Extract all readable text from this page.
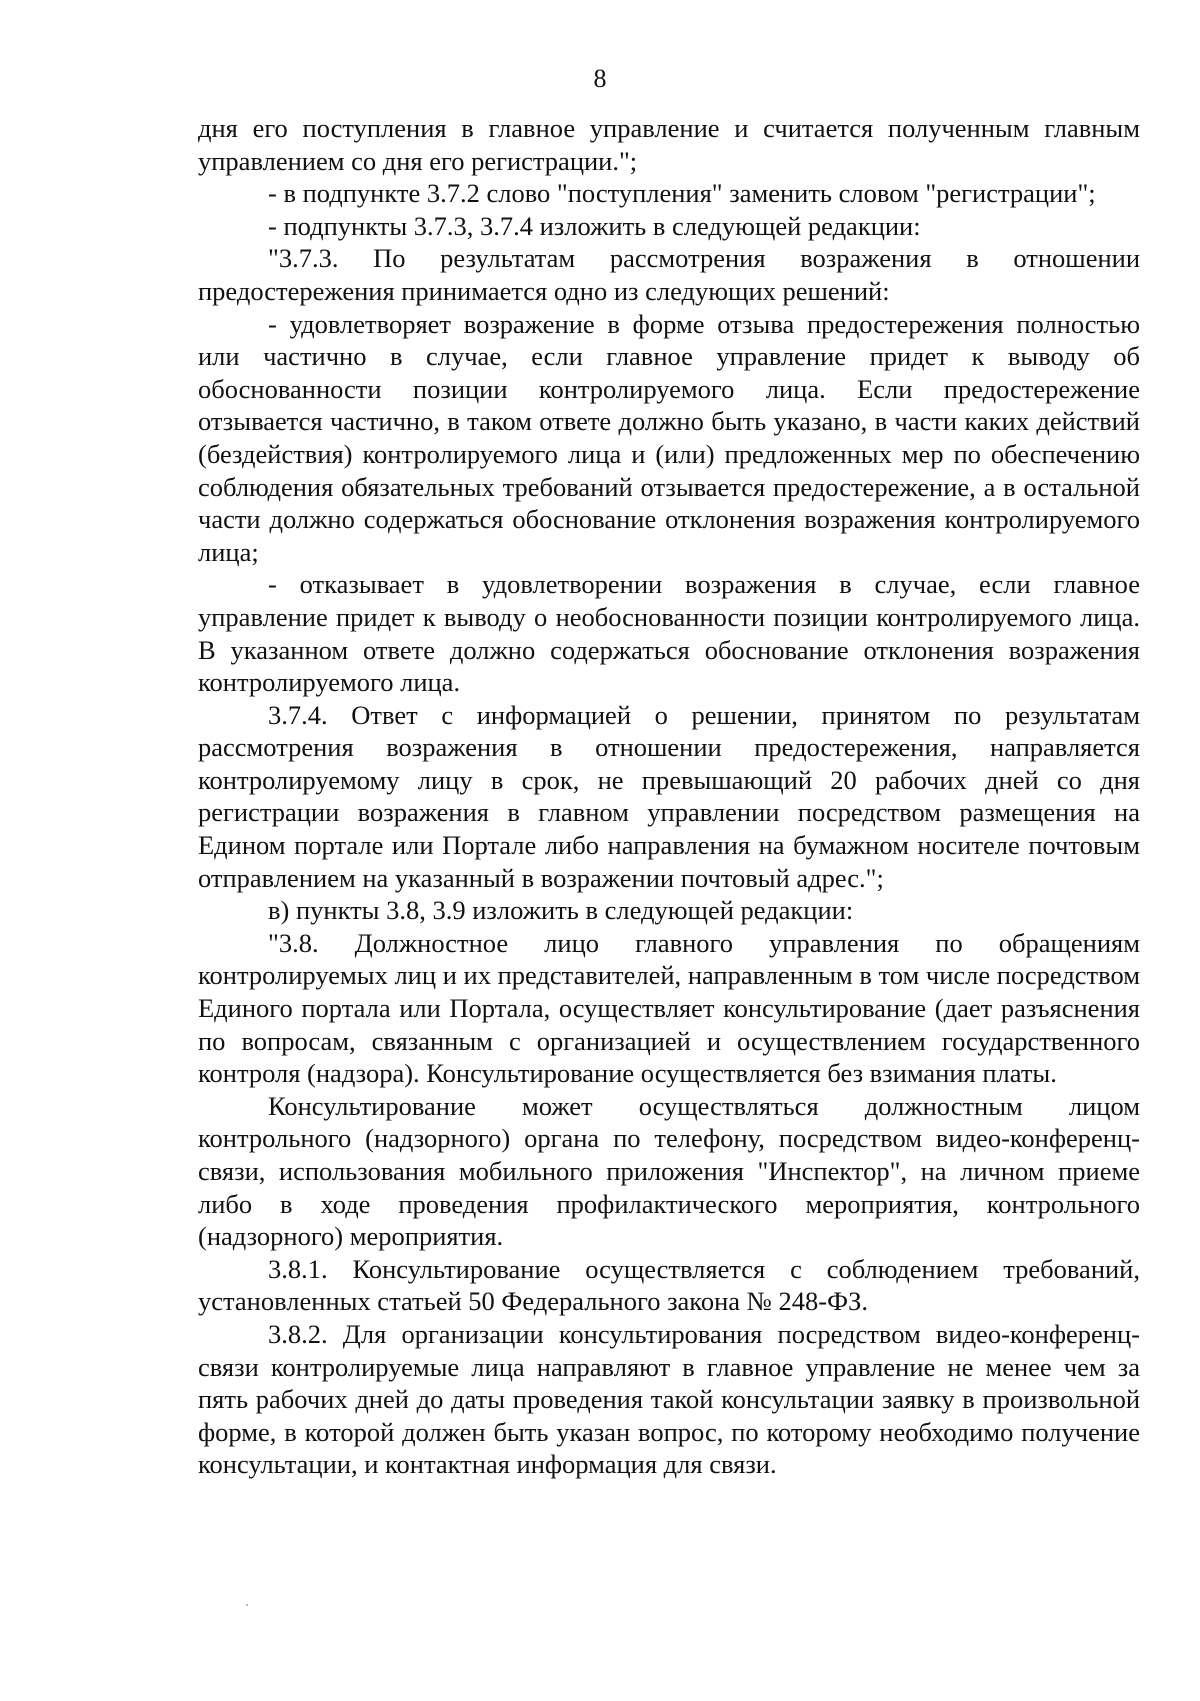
8

дня его поступления в главное управление и считается полученным главным управлением со дня его регистрации.";

- в подпункте 3.7.2 слово "поступления" заменить словом "регистрации";

- подпункты 3.7.3, 3.7.4 изложить в следующей редакции:

"3.7.3. По результатам рассмотрения возражения в отношении предостережения принимается одно из следующих решений:

- удовлетворяет возражение в форме отзыва предостережения полностью или частично в случае, если главное управление придет к выводу об обоснованности позиции контролируемого лица. Если предостережение отзывается частично, в таком ответе должно быть указано, в части каких действий (бездействия) контролируемого лица и (или) предложенных мер по обеспечению соблюдения обязательных требований отзывается предостережение, а в остальной части должно содержаться обоснование отклонения возражения контролируемого лица;

- отказывает в удовлетворении возражения в случае, если главное управление придет к выводу о необоснованности позиции контролируемого лица. В указанном ответе должно содержаться обоснование отклонения возражения контролируемого лица.

3.7.4. Ответ с информацией о решении, принятом по результатам рассмотрения возражения в отношении предостережения, направляется контролируемому лицу в срок, не превышающий 20 рабочих дней со дня регистрации возражения в главном управлении посредством размещения на Едином портале или Портале либо направления на бумажном носителе почтовым отправлением на указанный в возражении почтовый адрес.";

в) пункты 3.8, 3.9 изложить в следующей редакции:

"3.8. Должностное лицо главного управления по обращениям контролируемых лиц и их представителей, направленным в том числе посредством Единого портала или Портала, осуществляет консультирование (дает разъяснения по вопросам, связанным с организацией и осуществлением государственного контроля (надзора). Консультирование осуществляется без взимания платы.

Консультирование может осуществляться должностным лицом контрольного (надзорного) органа по телефону, посредством видео-конференц-связи, использования мобильного приложения "Инспектор", на личном приеме либо в ходе проведения профилактического мероприятия, контрольного (надзорного) мероприятия.

3.8.1. Консультирование осуществляется с соблюдением требований, установленных статьей 50 Федерального закона № 248-ФЗ.

3.8.2. Для организации консультирования посредством видео-конференц-связи контролируемые лица направляют в главное управление не менее чем за пять рабочих дней до даты проведения такой консультации заявку в произвольной форме, в которой должен быть указан вопрос, по которому необходимо получение консультации, и контактная информация для связи.
